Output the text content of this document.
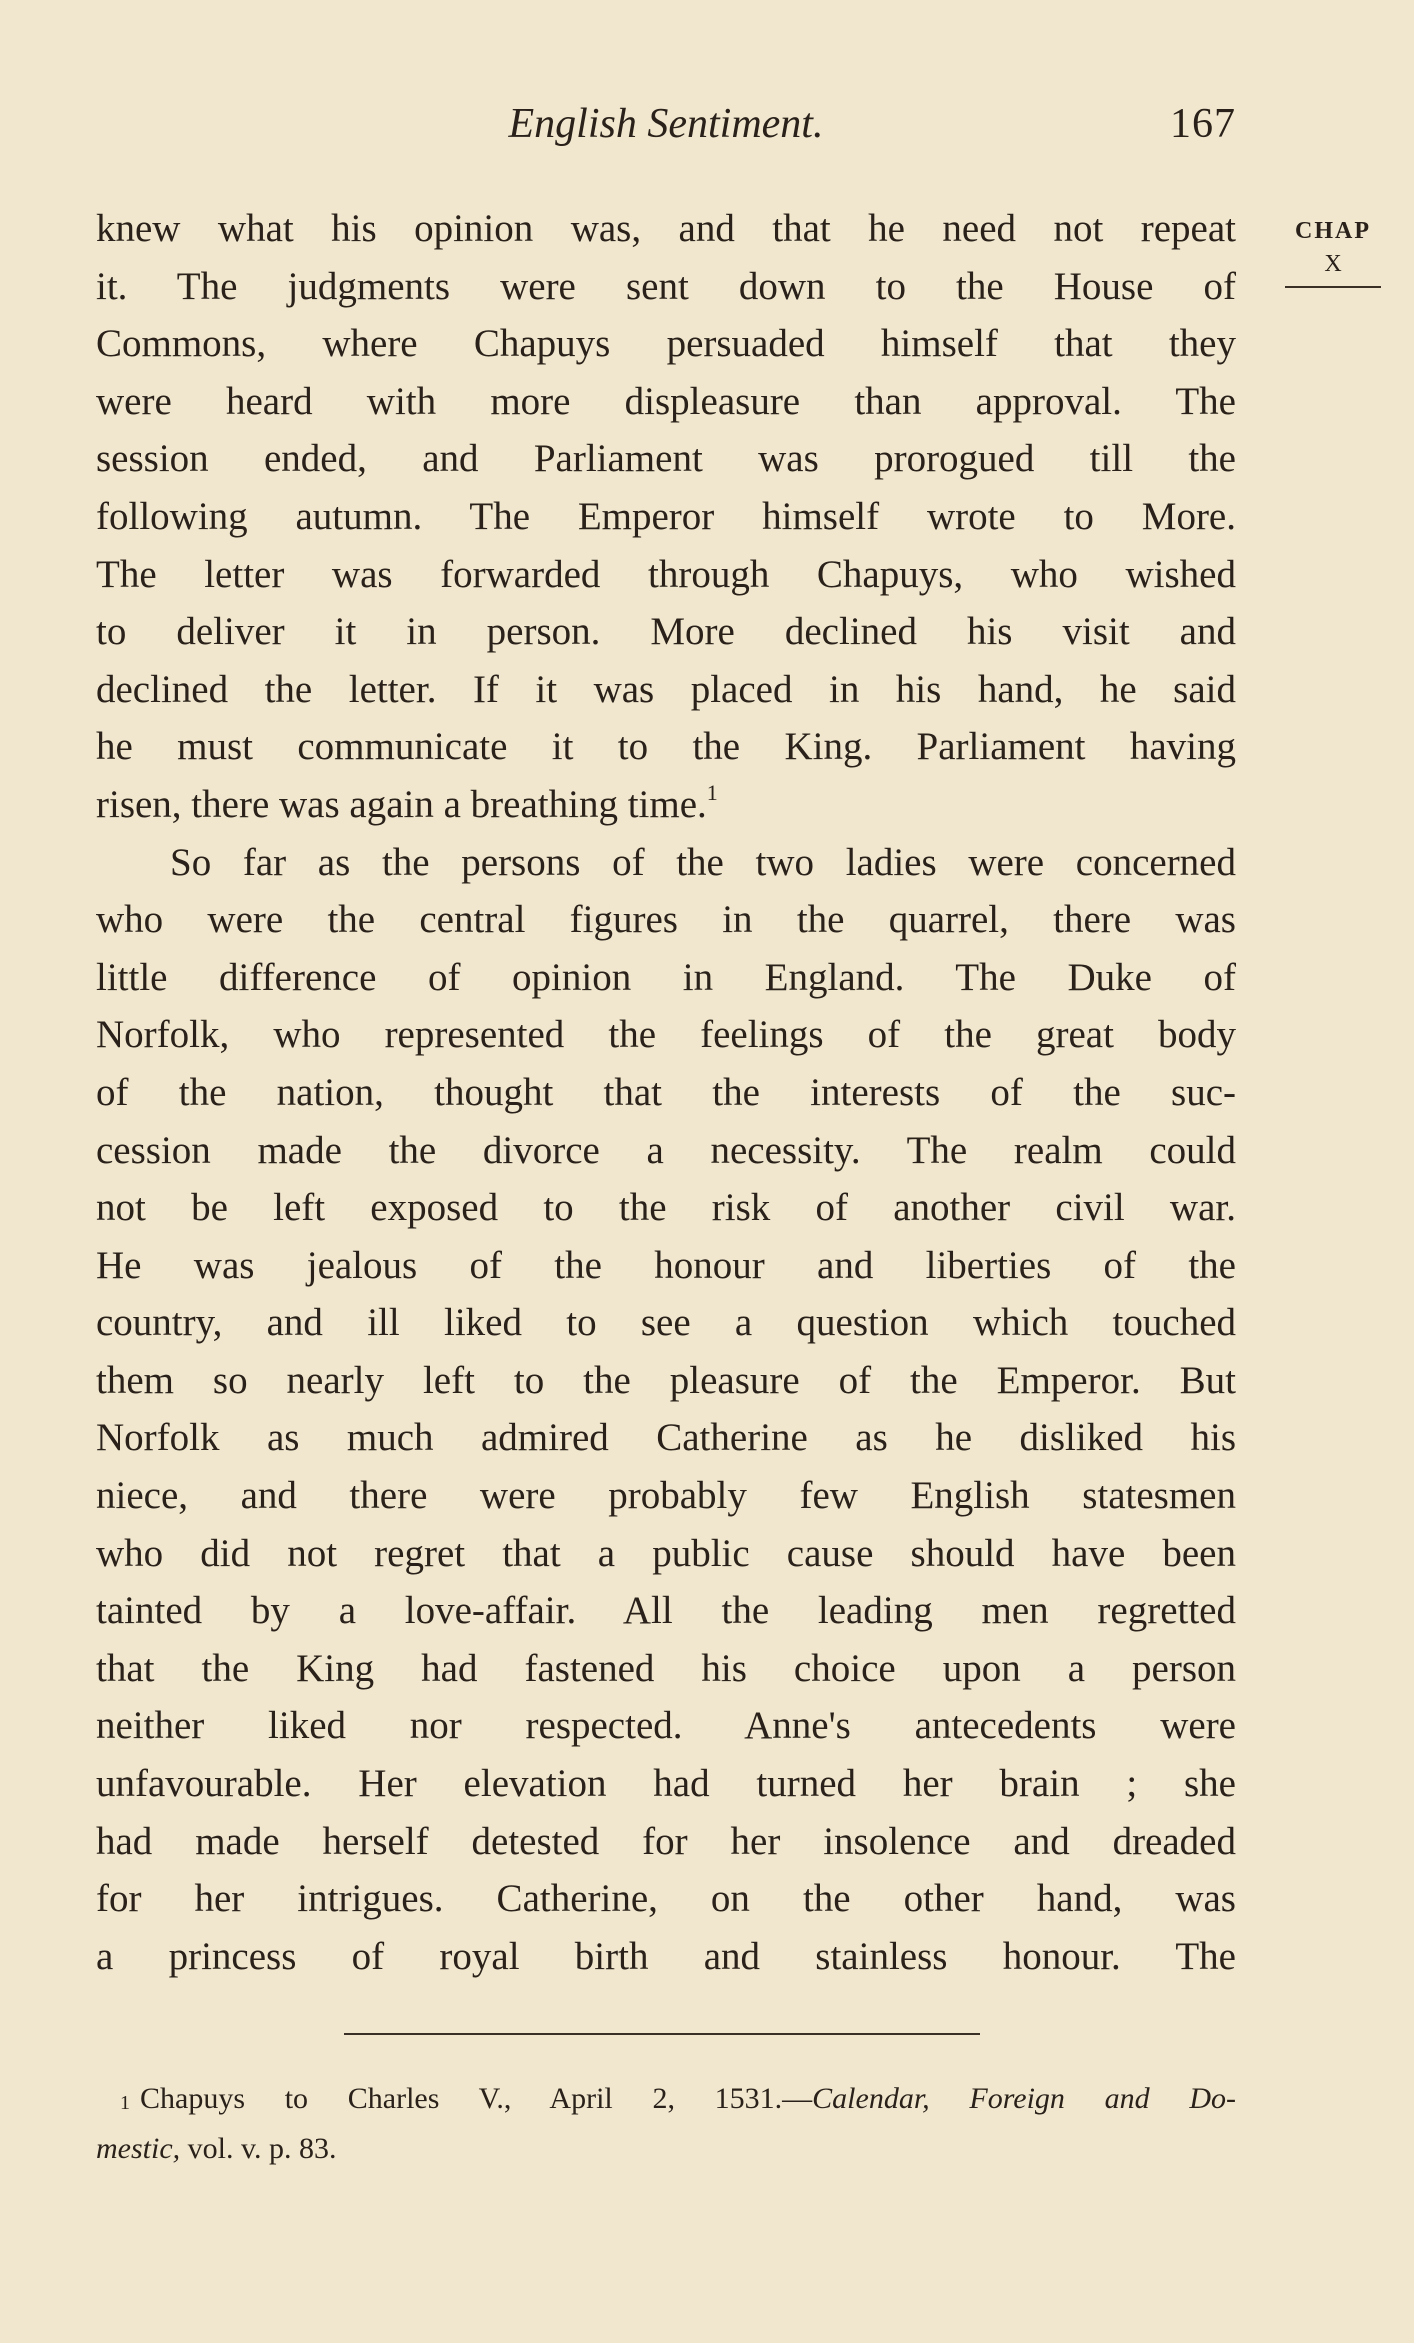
English Sentiment.	167
CHAP
X
knew what his opinion was, and that he need not repeat
it. The judgments were sent down to the House of
Commons, where Chapuys persuaded himself that they
were heard with more displeasure than approval. The
session ended, and Parliament was prorogued till the
following autumn. The Emperor himself wrote to More.
The letter was forwarded through Chapuys, who wished
to deliver it in person. More declined his visit and
declined the letter. If it was placed in his hand, he said
he must communicate it to the King. Parliament having
risen, there was again a breathing time.$^1$
So far as the persons of the two ladies were concerned
who were the central figures in the quarrel, there was
little difference of opinion in England. The Duke of
Norfolk, who represented the feelings of the great body
of the nation, thought that the interests of the suc-
cession made the divorce a necessity. The realm could
not be left exposed to the risk of another civil war.
He was jealous of the honour and liberties of the
country, and ill liked to see a question which touched
them so nearly left to the pleasure of the Emperor. But
Norfolk as much admired Catherine as he disliked his
niece, and there were probably few English statesmen
who did not regret that a public cause should have been
tainted by a love-affair. All the leading men regretted
that the King had fastened his choice upon a person
neither liked nor respected. Anne's antecedents were
unfavourable. Her elevation had turned her brain ; she
had made herself detested for her insolence and dreaded
for her intrigues. Catherine, on the other hand, was
a princess of royal birth and stainless honour. The
$^1$ Chapuys to Charles V., April 2, 1531.—Calendar, Foreign and Do-
mestic, vol. v. p. 83.
